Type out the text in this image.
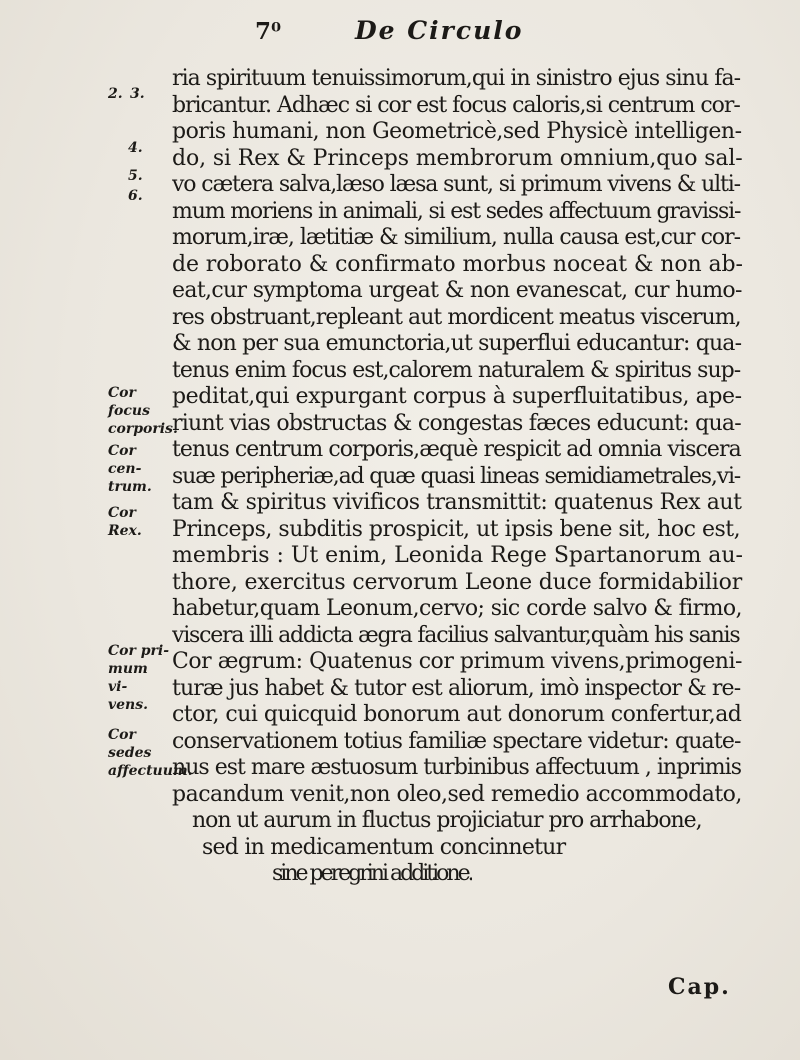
7⁰	De Circulo
2. 3.
4.
5.
6.
Cor focus
corporis.
Cor cen-
trum.
Cor Rex.
Cor pri-
mum vi-
vens.
Cor sedes
affectuum.
ria spirituum tenuissimorum,qui in sinistro ejus sinu fa-
bricantur. Adhæc si cor est focus caloris,si centrum cor-
poris humani, non Geometricè,sed Physicè intelligen-
do, si Rex & Princeps membrorum omnium,quo sal-
vo cætera salva,læso læsa sunt, si primum vivens & ulti-
mum moriens in animali, si est sedes affectuum gravissi-
morum,iræ, lætitiæ & similium, nulla causa est,cur cor-
de roborato & confirmato morbus noceat & non ab-
eat,cur symptoma urgeat & non evanescat, cur humo-
res obstruant,repleant aut mordicent meatus viscerum,
& non per sua emunctoria,ut superflui educantur: qua-
tenus enim focus est,calorem naturalem & spiritus sup-
peditat,qui expurgant corpus à superfluitatibus, ape-
riunt vias obstructas & congestas fæces educunt: qua-
tenus centrum corporis,æquè respicit ad omnia viscera
suæ peripheriæ,ad quæ quasi lineas semidiametrales,vi-
tam & spiritus vivificos transmittit: quatenus Rex aut
Princeps, subditis prospicit, ut ipsis bene sit, hoc est,
membris : Ut enim, Leonida Rege Spartanorum au-
thore, exercitus cervorum Leone duce formidabilior
habetur,quam Leonum,cervo; sic corde salvo & firmo,
viscera illi addicta ægra facilius salvantur,quàm his sanis
Cor ægrum: Quatenus cor primum vivens,primogeni-
turæ jus habet & tutor est aliorum, imò inspector & re-
ctor, cui quicquid bonorum aut donorum confertur,ad
conservationem totius familiæ spectare videtur: quate-
nus est mare æstuosum turbinibus affectuum , inprimis
pacandum venit,non oleo,sed remedio accommodato,
non ut aurum in fluctus projiciatur pro arrhabone,
sed in medicamentum concinnetur
sine peregrini additione.
Cap.
